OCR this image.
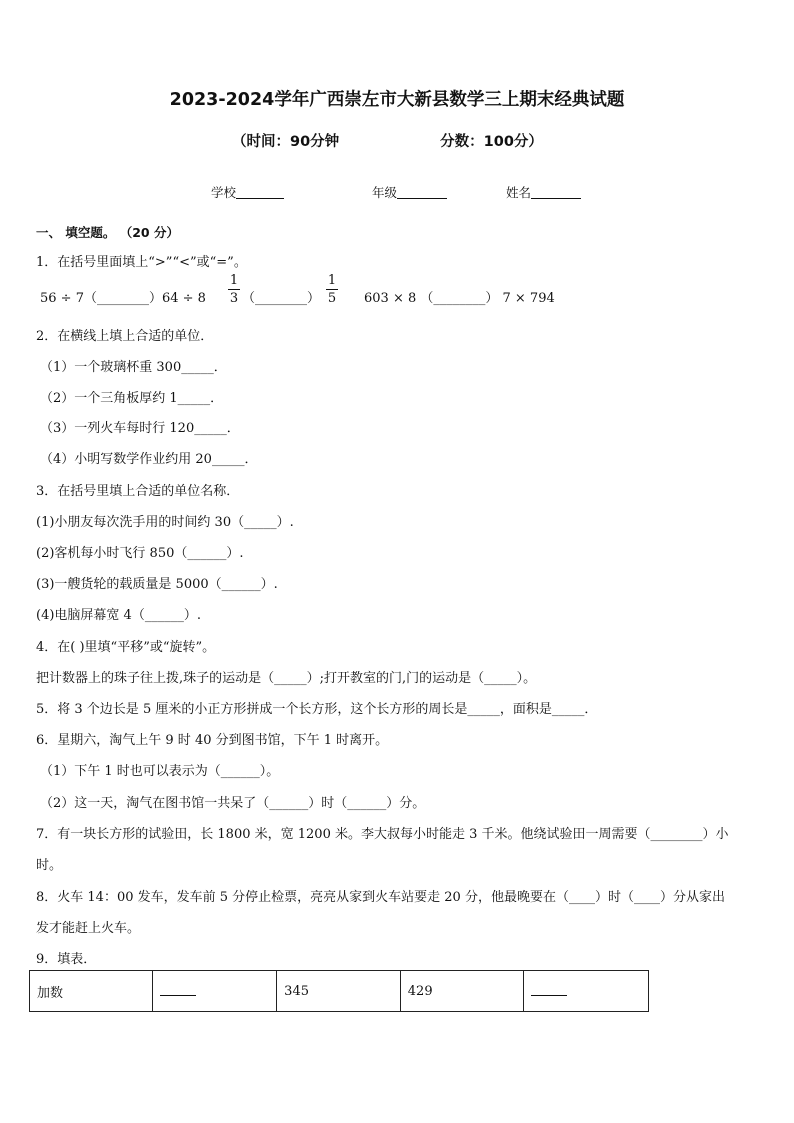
2023-2024学年广西崇左市大新县数学三上期末经典试题
（时间：90分钟                    分数：100分）
学校	年级	姓名
一、 填空题。 （20 分）
1．在括号里面填上“>”“<”或“=”。
56 ÷ 7（________）64 ÷ 8
1
3 （________）
1
5 603 × 8 （________） 7 × 794
2．在横线上填上合适的单位．
（1）一个玻璃杯重 300_____．
（2）一个三角板厚约 1_____．
（3）一列火车每时行 120_____．
（4）小明写数学作业约用 20_____．
3．在括号里填上合适的单位名称．
(1)小朋友每次洗手用的时间约 30（_____）.
(2)客机每小时飞行 850（______）.
(3)一艘货轮的载质量是 5000（______）.
(4)电脑屏幕宽 4（______）.
4．在( )里填“平移”或“旋转”。
把计数器上的珠子往上拨,珠子的运动是（_____）;打开教室的门,门的运动是（_____）。
5．将 3 个边长是 5 厘米的小正方形拼成一个长方形，这个长方形的周长是_____，面积是_____．
6．星期六，淘气上午 9 时 40 分到图书馆，下午 1 时离开。
（1）下午 1 时也可以表示为（______）。
（2）这一天，淘气在图书馆一共呆了（______）时（______）分。
7．有一块长方形的试验田，长 1800 米，宽 1200 米。李大叔每小时能走 3 千米。他绕试验田一周需要（________）小
时。
8．火车 14：00 发车，发车前 5 分停止检票，亮亮从家到火车站要走 20 分，他最晚要在（____）时（____）分从家出
发才能赶上火车。
9．填表．
加数		345	429	
